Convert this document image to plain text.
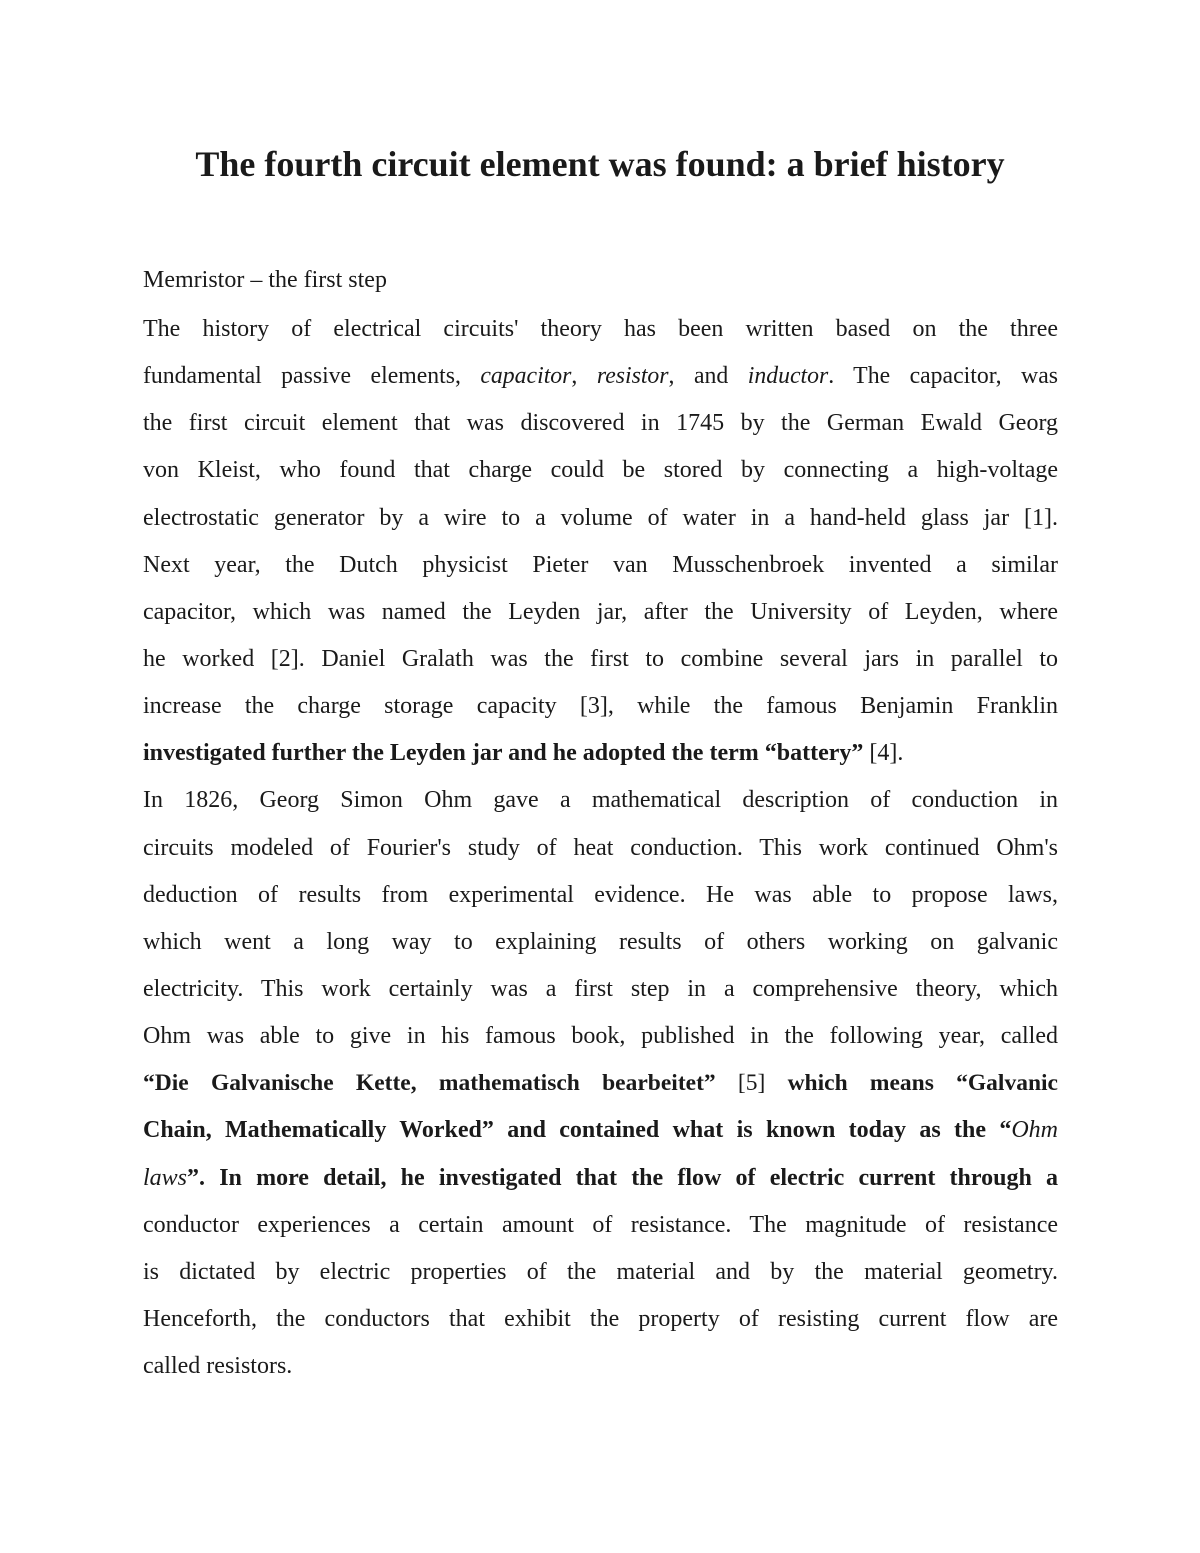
The fourth circuit element was found: a brief history

Memristor – the first step

The history of electrical circuits' theory has been written based on the three
fundamental passive elements, capacitor, resistor, and inductor. The capacitor, was
the first circuit element that was discovered in 1745 by the German Ewald Georg
von Kleist, who found that charge could be stored by connecting a high-voltage
electrostatic generator by a wire to a volume of water in a hand-held glass jar [1].
Next year, the Dutch physicist Pieter van Musschenbroek invented a similar
capacitor, which was named the Leyden jar, after the University of Leyden, where
he worked [2]. Daniel Gralath was the first to combine several jars in parallel to
increase the charge storage capacity [3], while the famous Benjamin Franklin
investigated further the Leyden jar and he adopted the term “battery” [4].
In 1826, Georg Simon Ohm gave a mathematical description of conduction in
circuits modeled of Fourier's study of heat conduction. This work continued Ohm's
deduction of results from experimental evidence. He was able to propose laws,
which went a long way to explaining results of others working on galvanic
electricity. This work certainly was a first step in a comprehensive theory, which
Ohm was able to give in his famous book, published in the following year, called
“Die Galvanische Kette, mathematisch bearbeitet” [5] which means “Galvanic
Chain, Mathematically Worked” and contained what is known today as the “Ohm
laws”. In more detail, he investigated that the flow of electric current through a
conductor experiences a certain amount of resistance. The magnitude of resistance
is dictated by electric properties of the material and by the material geometry.
Henceforth, the conductors that exhibit the property of resisting current flow are
called resistors.
